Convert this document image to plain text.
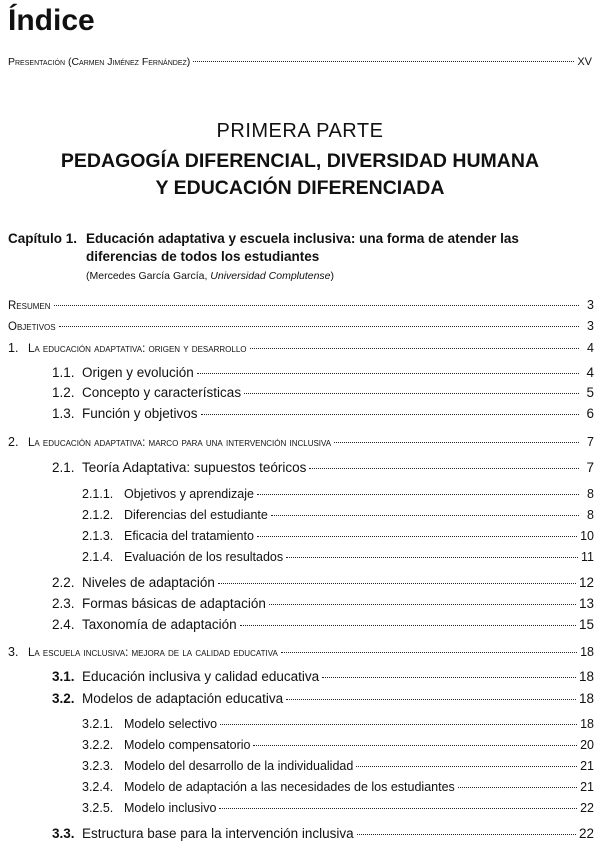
Índice
Presentación (Carmen Jiménez Fernández)	XV
PRIMERA PARTE
PEDAGOGÍA DIFERENCIAL, DIVERSIDAD HUMANA
Y EDUCACIÓN DIFERENCIADA
Capítulo 1. Educación adaptativa y escuela inclusiva: una forma de atender las diferencias de todos los estudiantes
(Mercedes García García, Universidad Complutense)
Resumen	3
Objetivos	3
1. La educación adaptativa: origen y desarrollo	4
1.1. Origen y evolución	4
1.2. Concepto y características	5
1.3. Función y objetivos	6
2. La educación adaptativa: marco para una intervención inclusiva	7
2.1. Teoría Adaptativa: supuestos teóricos	7
2.1.1. Objetivos y aprendizaje	8
2.1.2. Diferencias del estudiante	8
2.1.3. Eficacia del tratamiento	10
2.1.4. Evaluación de los resultados	11
2.2. Niveles de adaptación	12
2.3. Formas básicas de adaptación	13
2.4. Taxonomía de adaptación	15
3. La escuela inclusiva: mejora de la calidad educativa	18
3.1. Educación inclusiva y calidad educativa	18
3.2. Modelos de adaptación educativa	18
3.2.1. Modelo selectivo	18
3.2.2. Modelo compensatorio	20
3.2.3. Modelo del desarrollo de la individualidad	21
3.2.4. Modelo de adaptación a las necesidades de los estudiantes	21
3.2.5. Modelo inclusivo	22
3.3. Estructura base para la intervención inclusiva	22
